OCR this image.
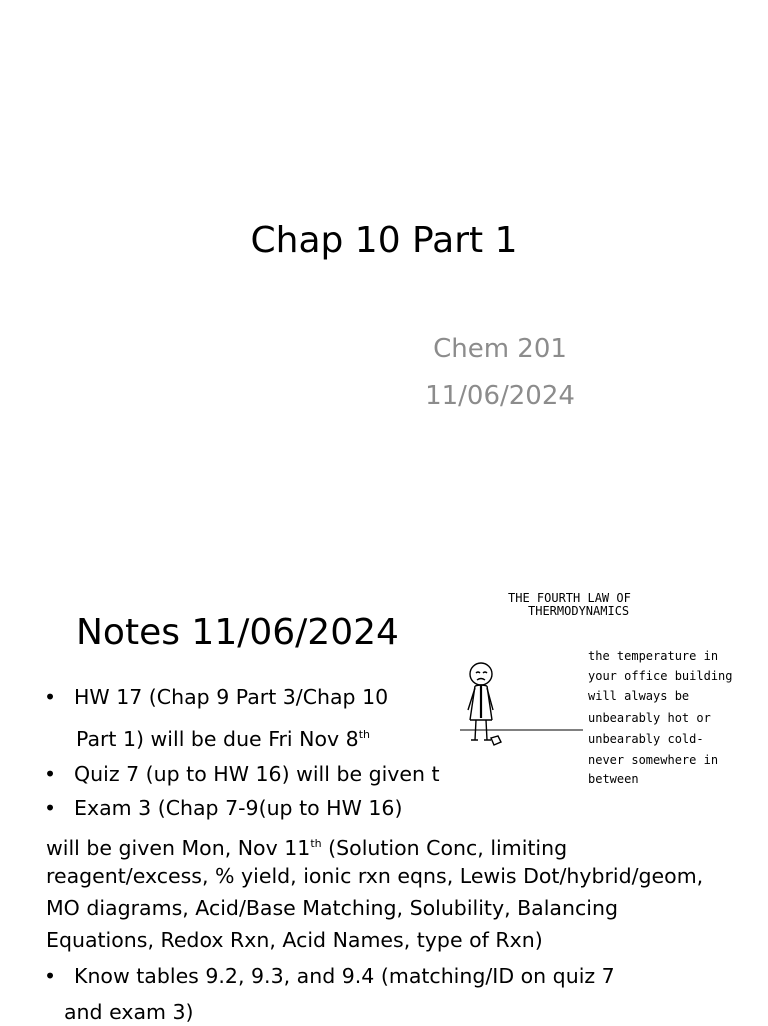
Chap 10 Part 1
Chem 201
11/06/2024
Notes 11/06/2024
• HW 17 (Chap 9 Part 3/Chap 10
Part 1) will be due Fri Nov 8th
• Quiz 7 (up to HW 16) will be given t
• Exam 3 (Chap 7-9(up to HW 16)
will be given Mon, Nov 11th (Solution Conc, limiting
reagent/excess, % yield, ionic rxn eqns, Lewis Dot/hybrid/geom,
MO diagrams, Acid/Base Matching, Solubility, Balancing
Equations, Redox Rxn, Acid Names, type of Rxn)
• Know tables 9.2, 9.3, and 9.4 (matching/ID on quiz 7
and exam 3)
THE FOURTH LAW OF
THERMODYNAMICS
the temperature in
your office building
will always be
unbearably hot or
unbearably cold-
never somewhere in
between
